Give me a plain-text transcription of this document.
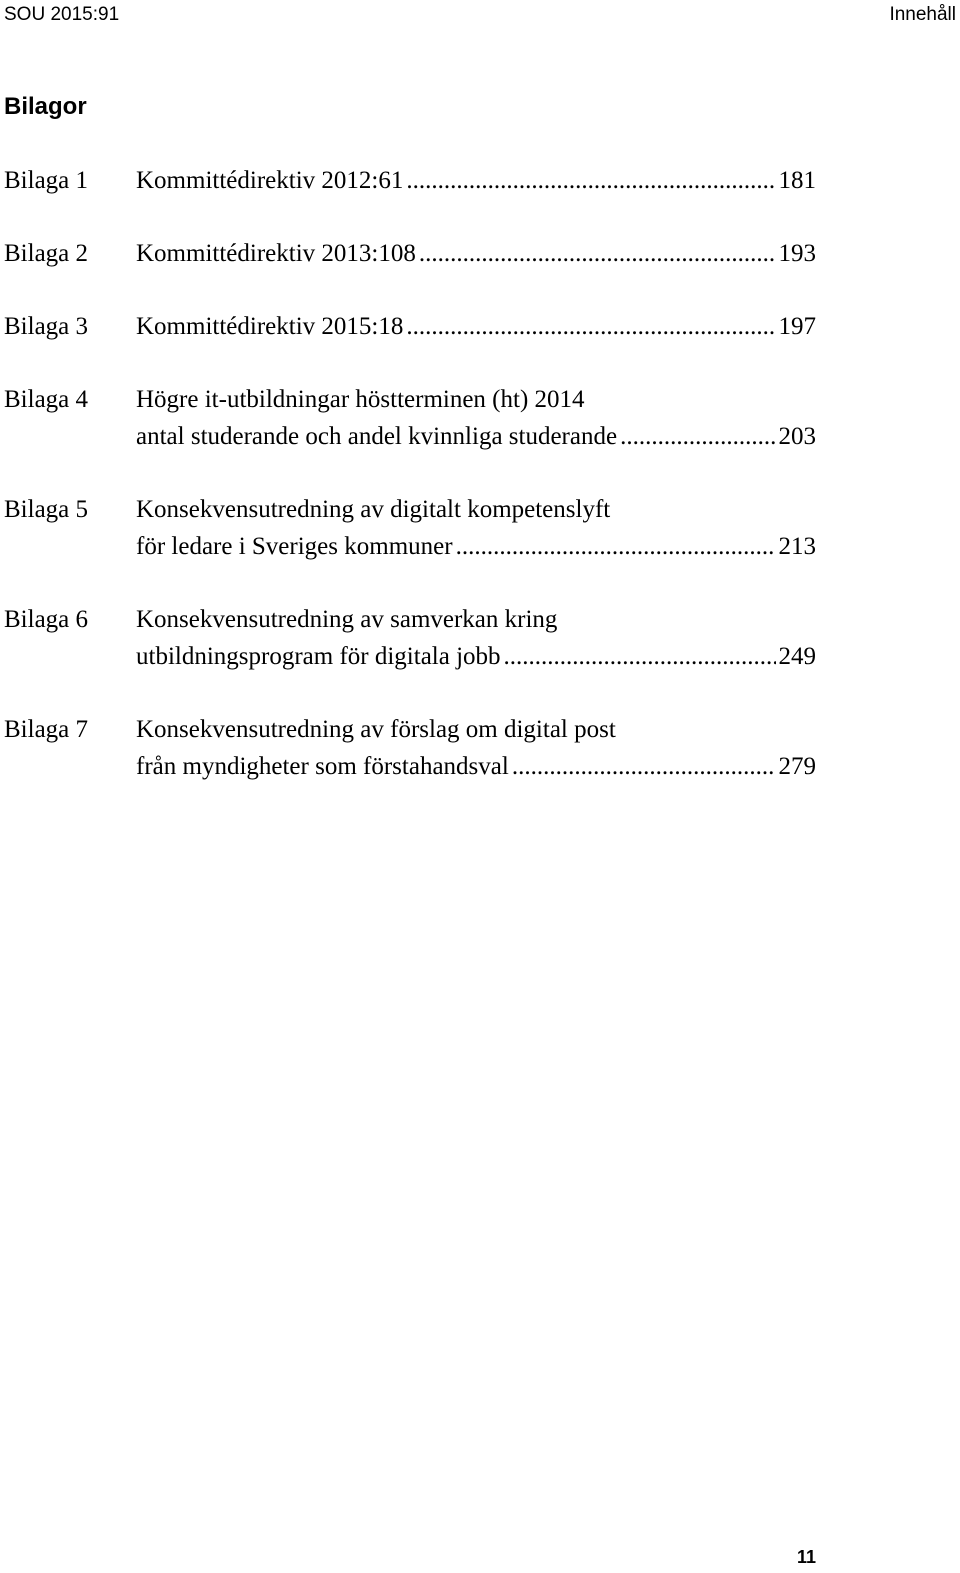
SOU 2015:91	Innehåll
Bilagor
Bilaga 1	Kommittédirektiv 2012:61 .....	181
Bilaga 2	Kommittédirektiv 2013:108 .....	193
Bilaga 3	Kommittédirektiv 2015:18 .....	197
Bilaga 4	Högre it-utbildningar höstterminen (ht) 2014
antal studerande och andel kvinnliga studerande .....	203
Bilaga 5	Konsekvensutredning av digitalt kompetenslyft
för ledare i Sveriges kommuner .....	213
Bilaga 6	Konsekvensutredning av samverkan kring
utbildningsprogram för digitala jobb .....	249
Bilaga 7	Konsekvensutredning av förslag om digital post
från myndigheter som förstahandsval .....	279
11
